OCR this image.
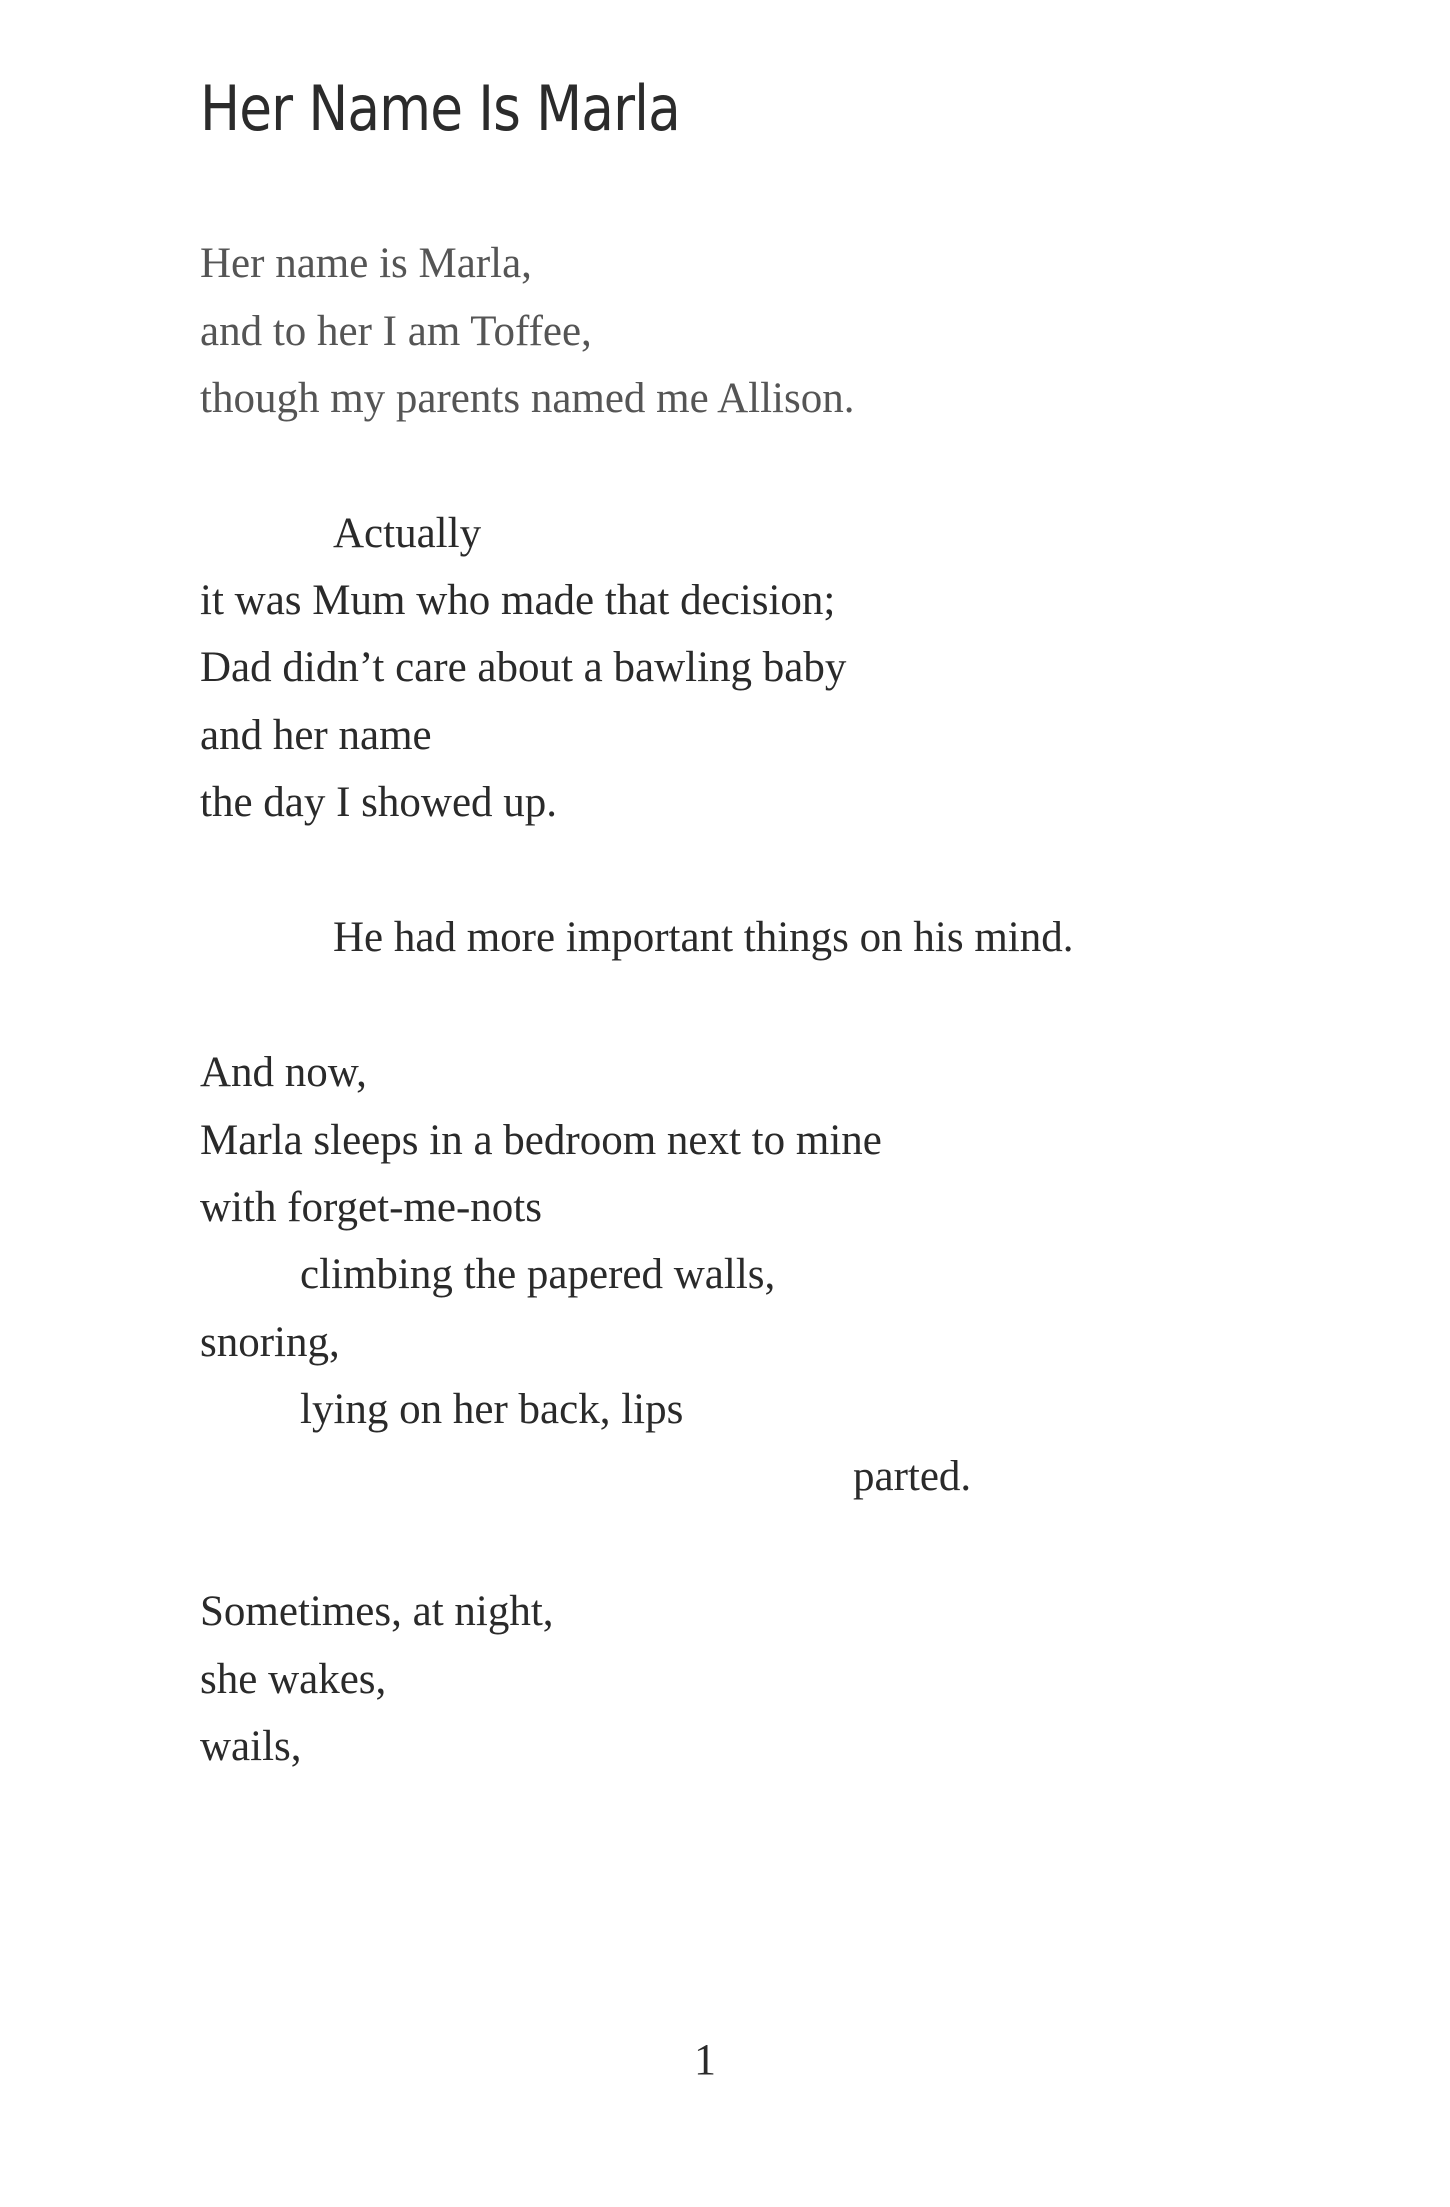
Her Name Is Marla
Her name is Marla,
and to her I am Toffee,
though my parents named me Allison.
Actually
it was Mum who made that decision;
Dad didn’t care about a bawling baby
and her name
the day I showed up.
He had more important things on his mind.
And now,
Marla sleeps in a bedroom next to mine
with forget-me-nots
climbing the papered walls,
snoring,
lying on her back, lips
parted.
Sometimes, at night,
she wakes,
wails,
1
